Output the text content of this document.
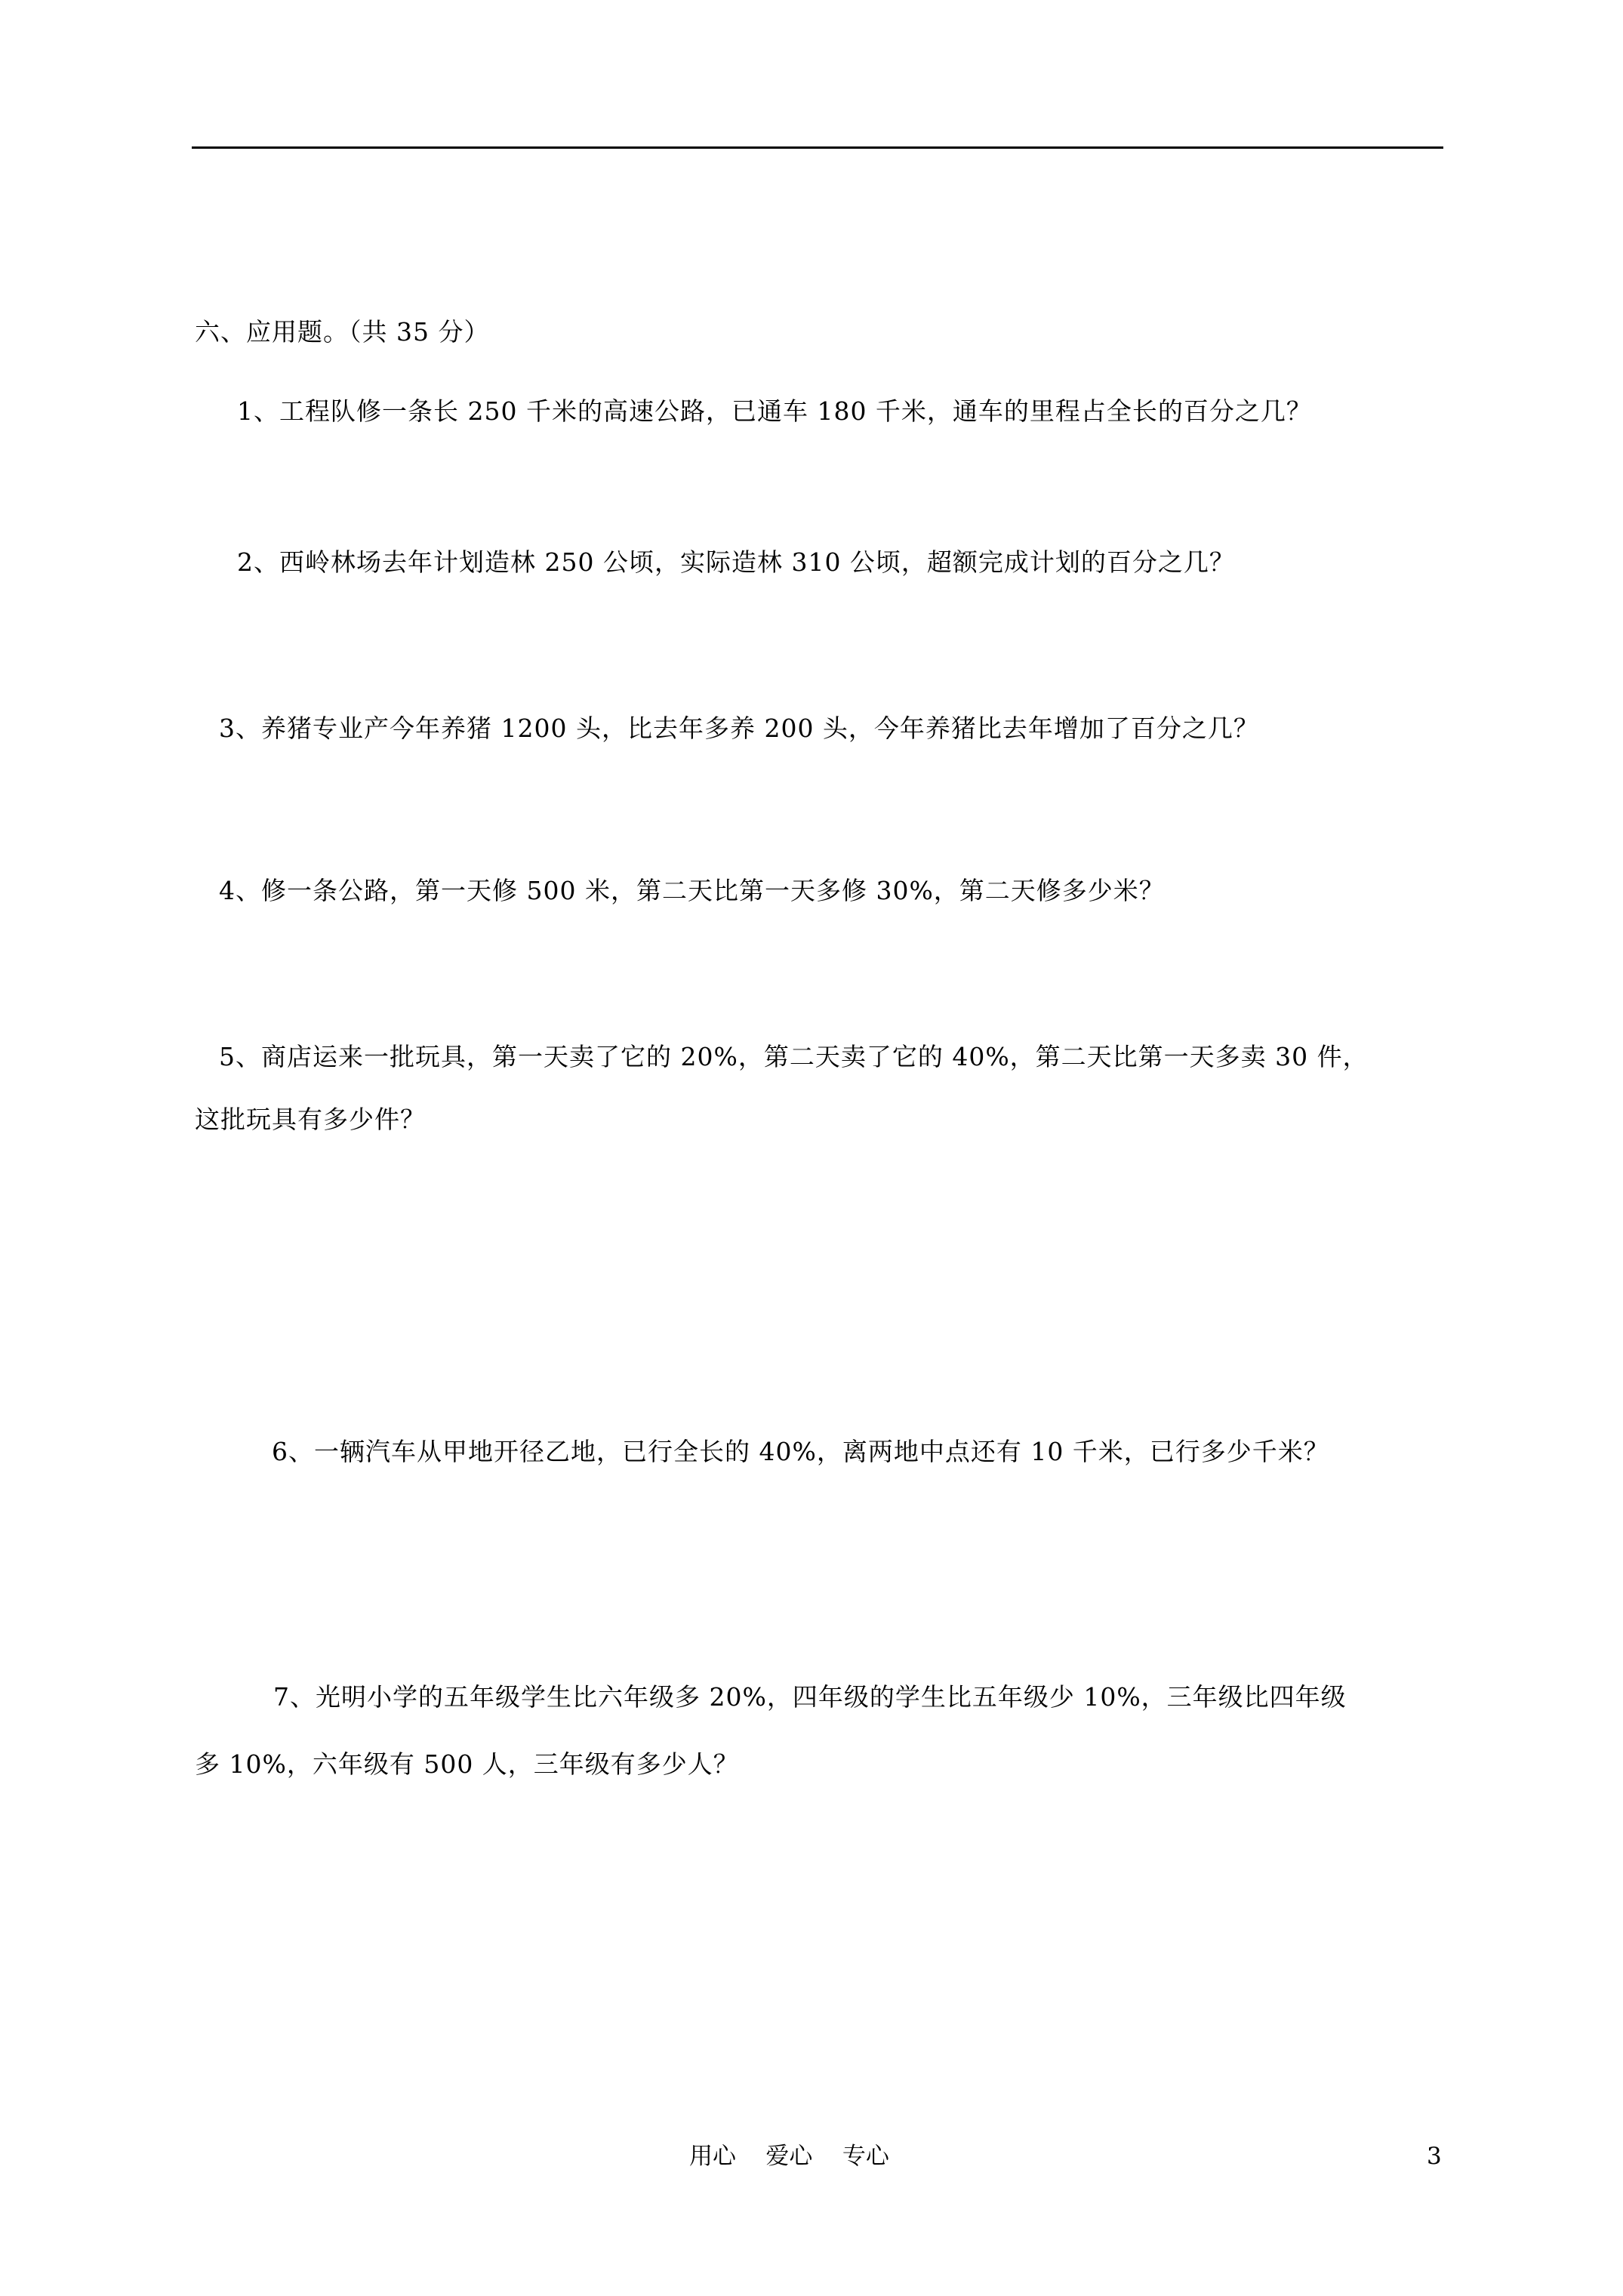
六、应用题。（共 35 分）
1、工程队修一条长 250 千米的高速公路，已通车 180 千米，通车的里程占全长的百分之几？
2、西岭林场去年计划造林 250 公顷，实际造林 310 公顷，超额完成计划的百分之几？
3、养猪专业产今年养猪 1200 头，比去年多养 200 头，今年养猪比去年增加了百分之几？
4、修一条公路，第一天修 500 米，第二天比第一天多修 30%，第二天修多少米？
5、商店运来一批玩具，第一天卖了它的 20%，第二天卖了它的 40%，第二天比第一天多卖 30 件，
这批玩具有多少件？
6、一辆汽车从甲地开径乙地，已行全长的 40%，离两地中点还有 10 千米，已行多少千米？
7、光明小学的五年级学生比六年级多 20%，四年级的学生比五年级少 10%，三年级比四年级
多 10%，六年级有 500 人，三年级有多少人？
用心    爱心    专心	3
